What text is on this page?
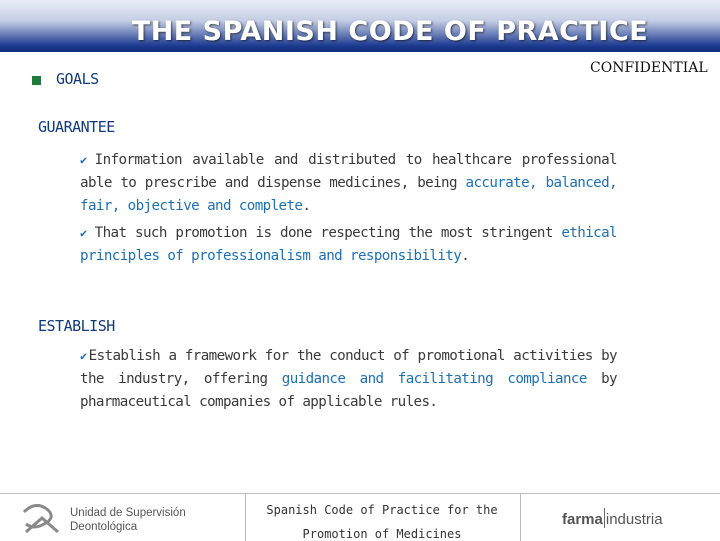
THE SPANISH CODE OF PRACTICE
CONFIDENTIAL
GOALS
GUARANTEE
✔ Information available and distributed to healthcare professional able to prescribe and dispense medicines, being accurate, balanced, fair, objective and complete.
✔ That such promotion is done respecting the most stringent ethical principles of professionalism and responsibility.
ESTABLISH
✔ Establish a framework for the conduct of promotional activities by the industry, offering guidance and facilitating compliance by pharmaceutical companies of applicable rules.
Unidad de Supervisión
Deontológica
Spanish Code of Practice for the
Promotion of Medicines
farma industria
